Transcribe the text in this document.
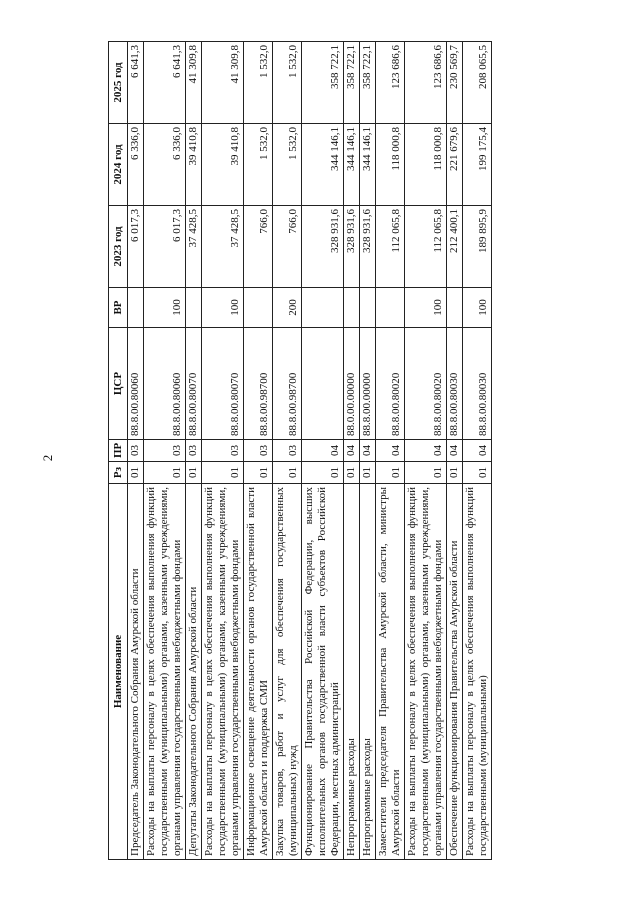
2
Наименование	Рз	ПР	ЦСР	ВР	2023 год	2024 год	2025 год
Председатель Законодательного Собрания Амурской области	01	03	88.8.00.80060		6 017,3	6 336,0	6 641,3
Расходы на выплаты персоналу в целях обеспечения выполнения функций государственными (муниципальными) органами, казенными учреждениями, органами управления государственными внебюджетными фондами	01	03	88.8.00.80060	100	6 017,3	6 336,0	6 641,3
Депутаты Законодательного Собрания Амурской области	01	03	88.8.00.80070		37 428,5	39 410,8	41 309,8
Расходы на выплаты персоналу в целях обеспечения выполнения функций государственными (муниципальными) органами, казенными учреждениями, органами управления государственными внебюджетными фондами	01	03	88.8.00.80070	100	37 428,5	39 410,8	41 309,8
Информационное освещение деятельности органов государственной власти Амурской области и поддержка СМИ	01	03	88.8.00.98700		766,0	1 532,0	1 532,0
Закупка товаров, работ и услуг для обеспечения государственных (муниципальных) нужд	01	03	88.8.00.98700	200	766,0	1 532,0	1 532,0
Функционирование Правительства Российской Федерации, высших исполнительных органов государственной власти субъектов Российской Федерации, местных администраций	01	04			328 931,6	344 146,1	358 722,1
Непрограммные расходы	01	04	88.0.00.00000		328 931,6	344 146,1	358 722,1
Непрограммные расходы	01	04	88.8.00.00000		328 931,6	344 146,1	358 722,1
Заместители председателя Правительства Амурской области, министры Амурской области	01	04	88.8.00.80020		112 065,8	118 000,8	123 686,6
Расходы на выплаты персоналу в целях обеспечения выполнения функций государственными (муниципальными) органами, казенными учреждениями, органами управления государственными внебюджетными фондами	01	04	88.8.00.80020	100	112 065,8	118 000,8	123 686,6
Обеспечение функционирования Правительства Амурской области	01	04	88.8.00.80030		212 400,1	221 679,6	230 569,7
Расходы на выплаты персоналу в целях обеспечения выполнения функций государственными (муниципальными)	01	04	88.8.00.80030	100	189 895,9	199 175,4	208 065,5
